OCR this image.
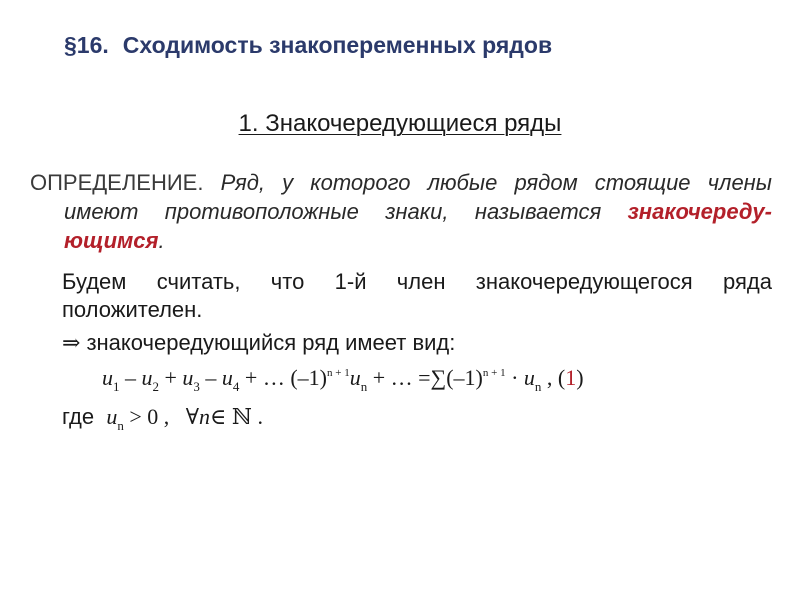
§16. Сходимость знакопеременных рядов
1. Знакочередующиеся ряды
ОПРЕДЕЛЕНИЕ. Ряд, у которого любые рядом стоящие члены
имеют противоположные знаки, называется знакочереду-
ющимся.
Будем считать, что 1-й член знакочередующегося ряда
положителен.
⇒ знакочередующийся ряд имеет вид:
$u_1 - u_2 + u_3 - u_4$ + … $(-1)^{n + 1}u_n$ + … $=\sum(-1)^{n + 1} \cdot u_n$ , (1)
где $u_n > 0$ , ∀n∈ ℕ .
